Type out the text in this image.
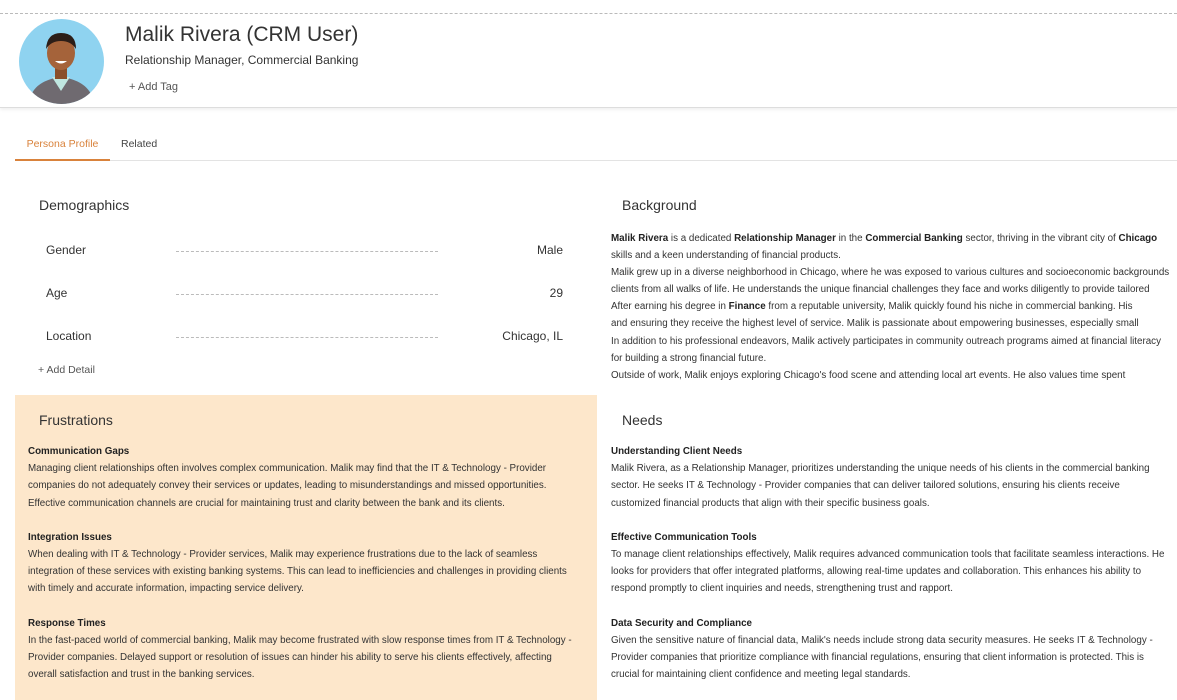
Malik Rivera (CRM User)
Relationship Manager, Commercial Banking
+ Add Tag
Persona Profile	Related
Demographics
Gender	Male
Age	29
Location	Chicago, IL
+ Add Detail
Background

Malik Rivera is a dedicated Relationship Manager in the Commercial Banking sector, thriving in the vibrant city of Chicago

skills and a keen understanding of financial products.

Malik grew up in a diverse neighborhood in Chicago, where he was exposed to various cultures and socioeconomic backgrounds

clients from all walks of life. He understands the unique financial challenges they face and works diligently to provide tailored

After earning his degree in Finance from a reputable university, Malik quickly found his niche in commercial banking. His

and ensuring they receive the highest level of service. Malik is passionate about empowering businesses, especially small

In addition to his professional endeavors, Malik actively participates in community outreach programs aimed at financial literacy

for building a strong financial future.

Outside of work, Malik enjoys exploring Chicago's food scene and attending local art events. He also values time spent

Frustrations
Communication Gaps
Managing client relationships often involves complex communication. Malik may find that the IT & Technology - Provider companies do not adequately convey their services or updates, leading to misunderstandings and missed opportunities. Effective communication channels are crucial for maintaining trust and clarity between the bank and its clients.
Integration Issues
When dealing with IT & Technology - Provider services, Malik may experience frustrations due to the lack of seamless integration of these services with existing banking systems. This can lead to inefficiencies and challenges in providing clients with timely and accurate information, impacting service delivery.
Response Times
In the fast-paced world of commercial banking, Malik may become frustrated with slow response times from IT & Technology - Provider companies. Delayed support or resolution of issues can hinder his ability to serve his clients effectively, affecting overall satisfaction and trust in the banking services.
Needs
Understanding Client Needs
Malik Rivera, as a Relationship Manager, prioritizes understanding the unique needs of his clients in the commercial banking sector. He seeks IT & Technology - Provider companies that can deliver tailored solutions, ensuring his clients receive customized financial products that align with their specific business goals.
Effective Communication Tools
To manage client relationships effectively, Malik requires advanced communication tools that facilitate seamless interactions. He looks for providers that offer integrated platforms, allowing real-time updates and collaboration. This enhances his ability to respond promptly to client inquiries and needs, strengthening trust and rapport.
Data Security and Compliance
Given the sensitive nature of financial data, Malik's needs include strong data security measures. He seeks IT & Technology - Provider companies that prioritize compliance with financial regulations, ensuring that client information is protected. This is crucial for maintaining client confidence and meeting legal standards.
